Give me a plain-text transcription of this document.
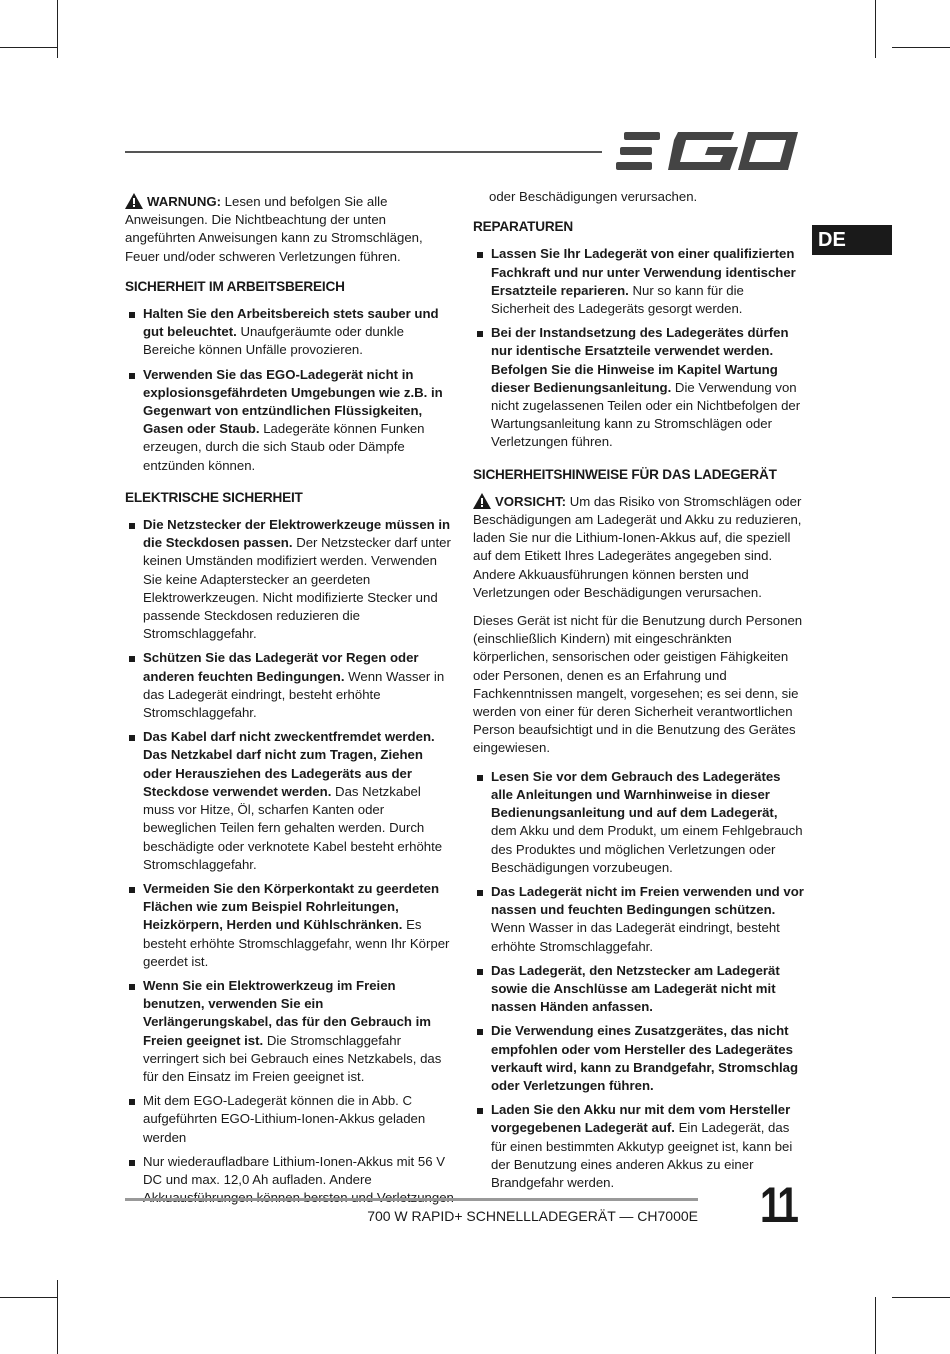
DE

WARNUNG: Lesen und befolgen Sie alle Anweisungen. Die Nichtbeachtung der unten angeführten Anweisungen kann zu Stromschlägen, Feuer und/oder schweren Verletzungen führen.

SICHERHEIT IM ARBEITSBEREICH
Halten Sie den Arbeitsbereich stets sauber und gut beleuchtet. Unaufgeräumte oder dunkle Bereiche können Unfälle provozieren.
Verwenden Sie das EGO-Ladegerät nicht in explosionsgefährdeten Umgebungen wie z.B. in Gegenwart von entzündlichen Flüssigkeiten, Gasen oder Staub. Ladegeräte können Funken erzeugen, durch die sich Staub oder Dämpfe entzünden können.
ELEKTRISCHE SICHERHEIT
Die Netzstecker der Elektrowerkzeuge müssen in die Steckdosen passen. Der Netzstecker darf unter keinen Umständen modifiziert werden. Verwenden Sie keine Adapterstecker an geerdeten Elektrowerkzeugen. Nicht modifizierte Stecker und passende Steckdosen reduzieren die Stromschlaggefahr.
Schützen Sie das Ladegerät vor Regen oder anderen feuchten Bedingungen. Wenn Wasser in das Ladegerät eindringt, besteht erhöhte Stromschlaggefahr.
Das Kabel darf nicht zweckentfremdet werden. Das Netzkabel darf nicht zum Tragen, Ziehen oder Herausziehen des Ladegeräts aus der Steckdose verwendet werden. Das Netzkabel muss vor Hitze, Öl, scharfen Kanten oder beweglichen Teilen fern gehalten werden. Durch beschädigte oder verknotete Kabel besteht erhöhte Stromschlaggefahr.
Vermeiden Sie den Körperkontakt zu geerdeten Flächen wie zum Beispiel Rohrleitungen, Heizkörpern, Herden und Kühlschränken. Es besteht erhöhte Stromschlaggefahr, wenn Ihr Körper geerdet ist.
Wenn Sie ein Elektrowerkzeug im Freien benutzen, verwenden Sie ein Verlängerungskabel, das für den Gebrauch im Freien geeignet ist. Die Stromschlaggefahr verringert sich bei Gebrauch eines Netzkabels, das für den Einsatz im Freien geeignet ist.
Mit dem EGO-Ladegerät können die in Abb. C aufgeführten EGO-Lithium-Ionen-Akkus geladen werden
Nur wiederaufladbare Lithium-Ionen-Akkus mit 56 V DC und max. 12,0 Ah aufladen. Andere

oder Beschädigungen verursachen.

REPARATUREN
Lassen Sie Ihr Ladegerät von einer qualifizierten Fachkraft und nur unter Verwendung identischer Ersatzteile reparieren. Nur so kann für die Sicherheit des Ladegeräts gesorgt werden.
Bei der Instandsetzung des Ladegerätes dürfen nur identische Ersatzteile verwendet werden. Befolgen Sie die Hinweise im Kapitel Wartung dieser Bedienungsanleitung. Die Verwendung von nicht zugelassenen Teilen oder ein Nichtbefolgen der Wartungsanleitung kann zu Stromschlägen oder Verletzungen führen.
SICHERHEITSHINWEISE FÜR DAS LADEGERÄT

VORSICHT: Um das Risiko von Stromschlägen oder Beschädigungen am Ladegerät und Akku zu reduzieren, laden Sie nur die Lithium-Ionen-Akkus auf, die speziell auf dem Etikett Ihres Ladegerätes angegeben sind. Andere Akkuausführungen können bersten und Verletzungen oder Beschädigungen verursachen.

Dieses Gerät ist nicht für die Benutzung durch Personen (einschließlich Kindern) mit eingeschränkten körperlichen, sensorischen oder geistigen Fähigkeiten oder Personen, denen es an Erfahrung und Fachkenntnissen mangelt, vorgesehen; es sei denn, sie werden von einer für deren Sicherheit verantwortlichen Person beaufsichtigt und in die Benutzung des Gerätes eingewiesen.

Lesen Sie vor dem Gebrauch des Ladegerätes alle Anleitungen und Warnhinweise in dieser Bedienungsanleitung und auf dem Ladegerät, dem Akku und dem Produkt, um einem Fehlgebrauch des Produktes und möglichen Verletzungen oder Beschädigungen vorzubeugen.
Das Ladegerät nicht im Freien verwenden und vor nassen und feuchten Bedingungen schützen. Wenn Wasser in das Ladegerät eindringt, besteht erhöhte Stromschlaggefahr.
Das Ladegerät, den Netzstecker am Ladegerät sowie die Anschlüsse am Ladegerät nicht mit nassen Händen anfassen.
Die Verwendung eines Zusatzgerätes, das nicht empfohlen oder vom Hersteller des Ladegerätes verkauft wird, kann zu Brandgefahr, Stromschlag oder Verletzungen führen.
Laden Sie den Akku nur mit dem vom Hersteller vorgegebenen Ladegerät auf. Ein Ladegerät, das für einen bestimmten Akkutyp geeignet ist, kann bei der Benutzung eines anderen Akkus zu einer Brandgefahr werden.
700 W RAPID+ SCHNELLLADEGERÄT — CH7000E 11
